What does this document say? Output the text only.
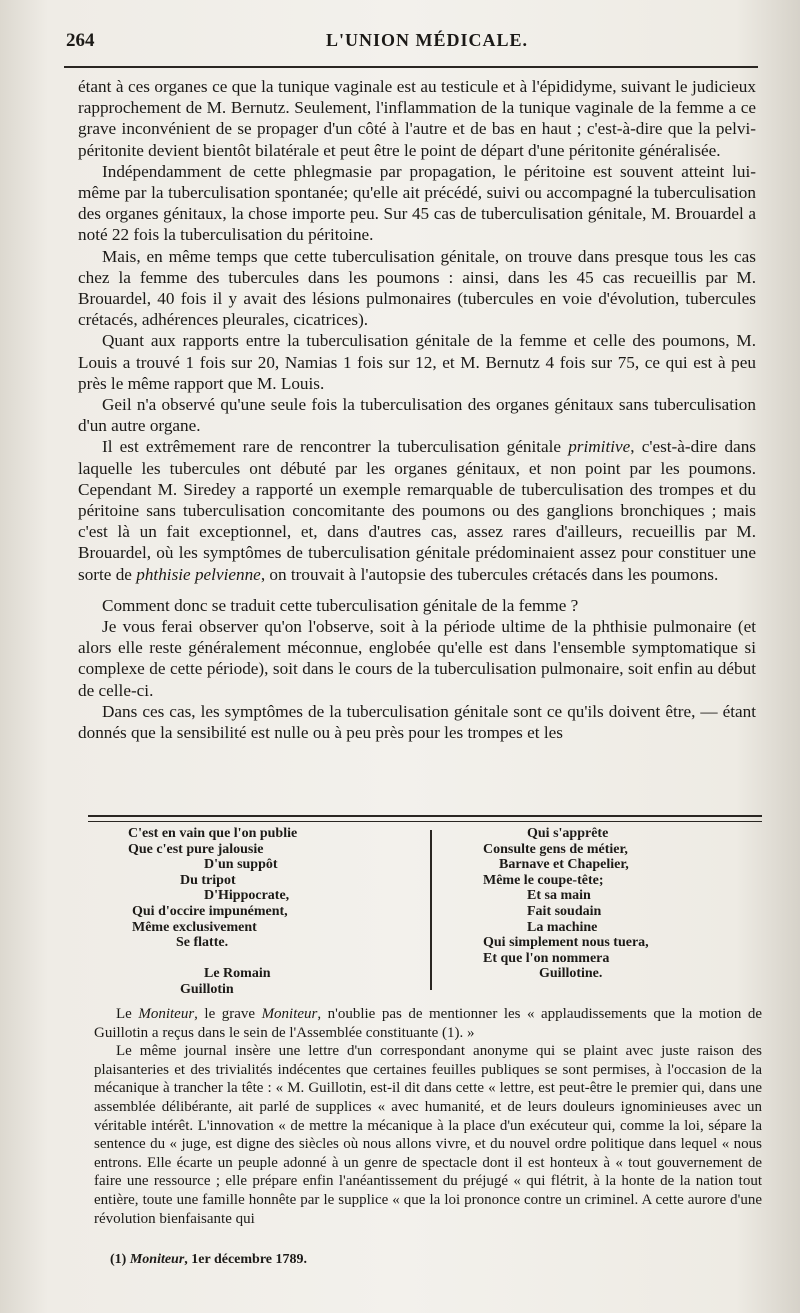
264	L'UNION MÉDICALE.

étant à ces organes ce que la tunique vaginale est au testicule et à l'épididyme, suivant le judicieux rapprochement de M. Bernutz. Seulement, l'inflammation de la tunique vaginale de la femme a ce grave inconvénient de se propager d'un côté à l'autre et de bas en haut ; c'est-à-dire que la pelvi-péritonite devient bientôt bilatérale et peut être le point de départ d'une péritonite généralisée.

Indépendamment de cette phlegmasie par propagation, le péritoine est souvent atteint lui-même par la tuberculisation spontanée; qu'elle ait précédé, suivi ou accompagné la tuberculisation des organes génitaux, la chose importe peu. Sur 45 cas de tuberculisation génitale, M. Brouardel a noté 22 fois la tuberculisation du péritoine.

Mais, en même temps que cette tuberculisation génitale, on trouve dans presque tous les cas chez la femme des tubercules dans les poumons : ainsi, dans les 45 cas recueillis par M. Brouardel, 40 fois il y avait des lésions pulmonaires (tubercules en voie d'évolution, tubercules crétacés, adhérences pleurales, cicatrices).

Quant aux rapports entre la tuberculisation génitale de la femme et celle des poumons, M. Louis a trouvé 1 fois sur 20, Namias 1 fois sur 12, et M. Bernutz 4 fois sur 75, ce qui est à peu près le même rapport que M. Louis.

Geil n'a observé qu'une seule fois la tuberculisation des organes génitaux sans tuberculisation d'un autre organe.

Il est extrêmement rare de rencontrer la tuberculisation génitale primitive, c'est-à-dire dans laquelle les tubercules ont débuté par les organes génitaux, et non point par les poumons. Cependant M. Siredey a rapporté un exemple remarquable de tuberculisation des trompes et du péritoine sans tuberculisation concomitante des poumons ou des ganglions bronchiques ; mais c'est là un fait exceptionnel, et, dans d'autres cas, assez rares d'ailleurs, recueillis par M. Brouardel, où les symptômes de tuberculisation génitale prédominaient assez pour constituer une sorte de phthisie pelvienne, on trouvait à l'autopsie des tubercules crétacés dans les poumons.

Comment donc se traduit cette tuberculisation génitale de la femme ?

Je vous ferai observer qu'on l'observe, soit à la période ultime de la phthisie pulmonaire (et alors elle reste généralement méconnue, englobée qu'elle est dans l'ensemble symptomatique si complexe de cette période), soit dans le cours de la tuberculisation pulmonaire, soit enfin au début de celle-ci.

Dans ces cas, les symptômes de la tuberculisation génitale sont ce qu'ils doivent être, — étant donnés que la sensibilité est nulle ou à peu près pour les trompes et les

C'est en vain que l'on publie
Que c'est pure jalousie
D'un suppôt
Du tripot
D'Hippocrate,
Qui d'occire impunément,
Même exclusivement
Se flatte.

Le Romain
Guillotin
Qui s'apprête
Consulte gens de métier,
Barnave et Chapelier,
Même le coupe-tête;
Et sa main
Fait soudain
La machine
Qui simplement nous tuera,
Et que l'on nommera
Guillotine.

Le Moniteur, le grave Moniteur, n'oublie pas de mentionner les « applaudissements que la motion de Guillotin a reçus dans le sein de l'Assemblée constituante (1). »

Le même journal insère une lettre d'un correspondant anonyme qui se plaint avec juste raison des plaisanteries et des trivialités indécentes que certaines feuilles publiques se sont permises, à l'occasion de la mécanique à trancher la tête : « M. Guillotin, est-il dit dans cette « lettre, est peut-être le premier qui, dans une assemblée délibérante, ait parlé de supplices « avec humanité, et de leurs douleurs ignominieuses avec un véritable intérêt. L'innovation « de mettre la mécanique à la place d'un exécuteur qui, comme la loi, sépare la sentence du « juge, est digne des siècles où nous allons vivre, et du nouvel ordre politique dans lequel « nous entrons. Elle écarte un peuple adonné à un genre de spectacle dont il est honteux à « tout gouvernement de faire une ressource ; elle prépare enfin l'anéantissement du préjugé « qui flétrit, à la honte de la nation tout entière, toute une famille honnête par le supplice « que la loi prononce contre un criminel. A cette aurore d'une révolution bienfaisante qui

(1) Moniteur, 1er décembre 1789.
